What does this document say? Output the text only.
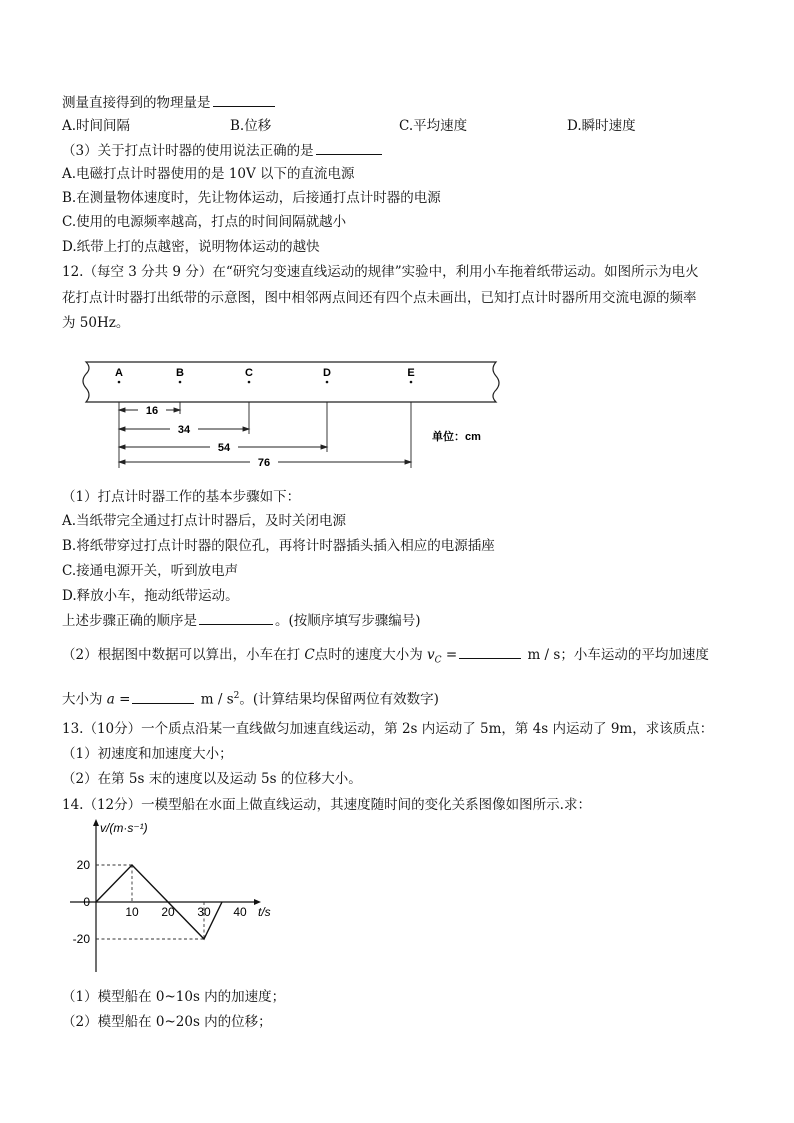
测量直接得到的物理量是
A.时间间隔	B.位移	C.平均速度	D.瞬时速度
（3）关于打点计时器的使用说法正确的是
A.电磁打点计时器使用的是 10V 以下的直流电源
B.在测量物体速度时，先让物体运动，后接通打点计时器的电源
C.使用的电源频率越高，打点的时间间隔就越小
D.纸带上打的点越密，说明物体运动的越快
12.（每空 3 分共 9 分）在“研究匀变速直线运动的规律”实验中，利用小车拖着纸带运动。如图所示为电火
花打点计时器打出纸带的示意图，图中相邻两点间还有四个点未画出，已知打点计时器所用交流电源的频率
为 50Hz。
A	B	C	D	E
16
34
54
76
单位：cm
（1）打点计时器工作的基本步骤如下：
A.当纸带完全通过打点计时器后，及时关闭电源
B.将纸带穿过打点计时器的限位孔，再将计时器插头插入相应的电源插座
C.接通电源开关，听到放电声
D.释放小车，拖动纸带运动。
上述步骤正确的顺序是	。(按顺序填写步骤编号)
（2）根据图中数据可以算出，小车在打 C点时的速度大小为 $v_C$ =	m / s；小车运动的平均加速度
大小为 a =	m / $s^2$。(计算结果均保留两位有效数字)
13.（10分）一个质点沿某一直线做匀加速直线运动，第 2s 内运动了 5m，第 4s 内运动了 9m，求该质点：
（1）初速度和加速度大小；
（2）在第 5s 末的速度以及运动 5s 的位移大小。
14.（12分）一模型船在水面上做直线运动，其速度随时间的变化关系图像如图所示.求：
v/(m·s⁻¹)
t/s
20
0
-20
10 20 30 40
（1）模型船在 0~10s 内的加速度；
（2）模型船在 0~20s 内的位移；
